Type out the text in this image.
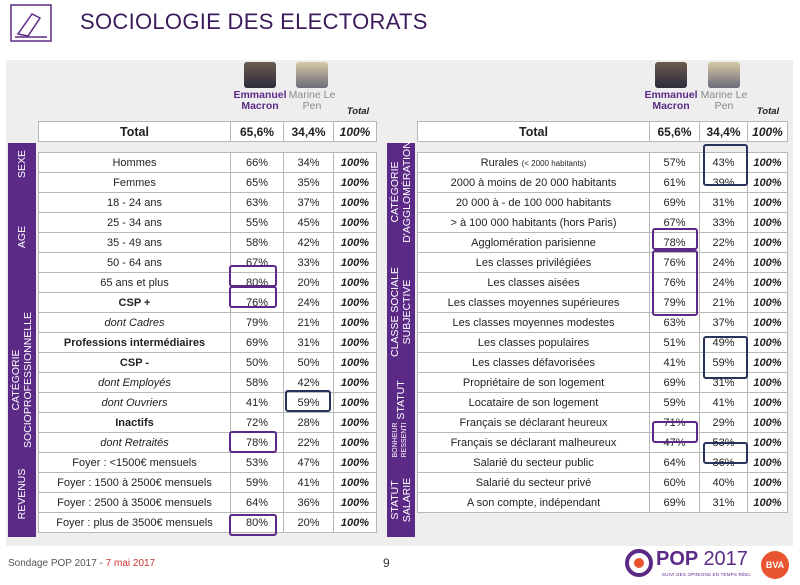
SOCIOLOGIE DES ELECTORATS
Emmanuel Macron
Marine Le Pen	Total
Total	65,6%	34,4%	100%

Hommes	66%	34%	100%
Femmes	65%	35%	100%
18 - 24 ans	63%	37%	100%
25 - 34 ans	55%	45%	100%
35 - 49 ans	58%	42%	100%
50 - 64 ans	67%	33%	100%
65 ans et plus	80%	20%	100%
CSP +	76%	24%	100%
dont Cadres	79%	21%	100%
Professions intermédiaires	69%	31%	100%
CSP -	50%	50%	100%
dont Employés	58%	42%	100%
dont Ouvriers	41%	59%	100%
Inactifs	72%	28%	100%
dont Retraités	78%	22%	100%
Foyer : <1500€ mensuels	53%	47%	100%
Foyer : 1500 à 2500€ mensuels	59%	41%	100%
Foyer : 2500 à 3500€ mensuels	64%	36%	100%
Foyer : plus de 3500€ mensuels	80%	20%	100%
SEXE
AGE
CATÉGORIE
SOCIOPROFESSIONNELLE
REVENUS
Emmanuel Macron
Marine Le Pen	Total
Total	65,6%	34,4%	100%

Rurales (< 2000 habitants)	57%	43%	100%
2000 à moins de 20 000 habitants	61%	39%	100%
20 000 à - de 100 000 habitants	69%	31%	100%
> à 100 000 habitants (hors Paris)	67%	33%	100%
Agglomération parisienne	78%	22%	100%
Les classes privilégiées	76%	24%	100%
Les classes aisées	76%	24%	100%
Les classes moyennes supérieures	79%	21%	100%
Les classes moyennes modestes	63%	37%	100%
Les classes populaires	51%	49%	100%
Les classes défavorisées	41%	59%	100%
Propriétaire de son logement	69%	31%	100%
Locataire de son logement	59%	41%	100%
Français se déclarant heureux	71%	29%	100%
Français se déclarant malheureux	47%	53%	100%
Salarié du secteur public	64%	36%	100%
Salarié du secteur privé	60%	40%	100%
A son compte, indépendant	69%	31%	100%
CATÉGORIE
D'AGGLOMÉRATION
CLASSE SOCIALE
SUBJECTIVE
STATUT
BONHEUR RESSENTI
STATUT
SALARIE
Sondage POP 2017 - 7 mai 2017	9	POP 2017
SUIVI DES OPINIONS EN TEMPS RÉEL
BVA
